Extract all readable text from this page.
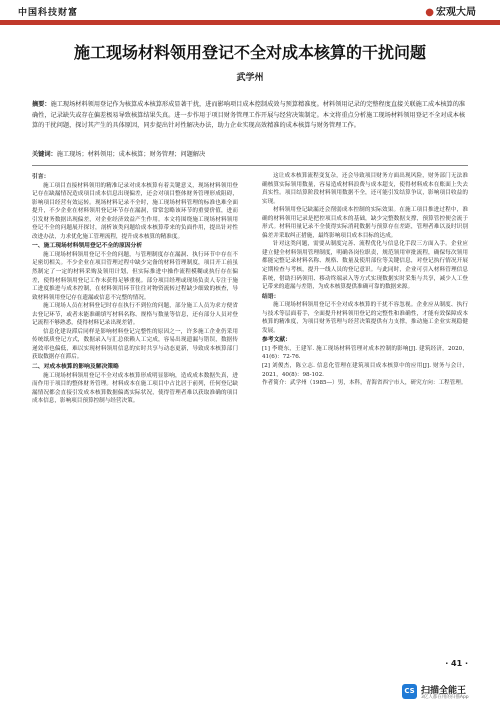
中国科技财富	● 宏观大局
施工现场材料领用登记不全对成本核算的干扰问题
武学州
摘要：施工现场材料领用登记作为核算成本核算形成显著干扰，进而影响项目成本控制成效与预算精准度。材料领用记录的完整程度直接关联施工成本核算的准确性，记录缺失或存在偏差极易导致核算结果失真。进一步作用于项目财务管理工作开展与经营决策制定。本文将重点分析施工现场材料领用登记不全对成本核算的干扰问题，探讨其产生的具体原因，同步提出针对性解决办法，助力企业实现高效精准的成本核算与财务管理工作。
关键词：施工现场；材料领用；成本核算；财务管理；问题解决
引言：

施工项目直接材料领用的精准记录对成本核算有着关键意义，现场材料领用登记存在缺漏情况造成项目成本信息出现偏差，还会对项目整体财务管理形成阻碍，影响项目经营有效运转。现场材料记录不全时，施工现场材料管理的标准也难全面提升，不少企业在材料领用登记环节存在漏洞，常常忽略该环节的重要价值，进而引发财务数据出现偏差，对企业经济效益产生作用。本文将围绕施工现场材料领用登记不全的问题展开探讨，剖析该类问题给成本核算带来的负面作用，提出针对性改进办法，力求优化施工管理流程，提升成本核算的精准度。

一、施工现场材料领用登记不全的原因分析

施工现场材料领用登记不全的问题，与管理制度存在漏洞、执行环节中存在不足密切相关。不少企业在项目管理过程中缺少完备的材料管理制度，项目开工前虽然制定了一定的材料采购及领用计划，但实际推进中操作流程模糊或执行存在偏差，使得材料领用登记工作未获得足够重视。部分项目经理或现场负责人专注于施工进度推进与成本控制，在材料领用环节往往对物资流转过程缺少细致的核查，导致材料领用登记存在遗漏或信息不完整的情况。

施工现场人员在材料登记时存在执行不到位的问题，部分施工人员为求方便省去登记环节，或者未能准确填写材料名称、规格与数量等信息，还有部分人员对登记流程不够熟悉，使得材料记录出现差错。

信息化建设滞后同样是影响材料登记完整性的原因之一，许多施工企业仍采用传统纸质登记方式，数据录入与汇总依赖人工完成，容易出现遗漏与错误，数据传递效率也偏低，难以实现材料领用信息的实时共享与动态更新，导致成本核算部门获取数据存在滞后。

二、对成本核算的影响及解决策略

施工现场材料领用登记不全对成本核算形成明显影响，造成成本数据失真，进而作用于项目的整体财务管理。材料成本在施工项目中占比居于前列，任何登记缺漏情况都会直接引发成本核算数据偏离实际状况，使得管理者难以获取准确的项目成本信息，影响项目预算控制与经营决策。

这让成本核算流程变复杂，还会导致项目财务方面出现风险，财务部门无法准确核算实际领用数量，容易造成材料浪费与成本超支，使得材料成本在账面上失去真实性。项目结算阶段材料领用数据不全，还可能引发结算争议，影响项目收益的实现。

材料领用登记缺漏还会削弱成本控制的实际效果。在施工项目推进过程中，准确的材料领用记录是把控项目成本的基础，缺少完整数据支撑，预算管控便会流于形式。材料用量记录不全使得实际消耗数据与预算存在差距，管理者难以及时识别偏差并采取纠正措施，最终影响项目成本目标的达成。

针对这类问题，需要从制度完善、流程优化与信息化手段三方面入手。企业应建立健全材料领用管理制度，明确各岗位职责，规范领用审批流程，确保每次领用都能完整记录材料名称、规格、数量及使用部位等关键信息，对登记执行情况开展定期检查与考核，提升一线人员的登记意识。与此同时，企业可引入材料管理信息系统，借助扫码领用、移动终端录入等方式实现数据实时采集与共享，减少人工登记带来的遗漏与差错，为成本核算提供准确可靠的数据来源。

结语：

施工现场材料领用登记不全对成本核算的干扰不容忽视。企业应从制度、执行与技术等层面着手，全面提升材料领用登记的完整性和准确性，才能有效保障成本核算的精准度，为项目财务管理与经营决策提供有力支撑，推动施工企业实现稳健发展。

参考文献：

[1] 李晓东，王建军. 施工现场材料管理对成本控制的影响[J]. 建筑经济，2020，41(6)：72-76.

[2] 刘俊杰，陈立志. 信息化管理在建筑项目成本核算中的应用[J]. 财务与会计，2021，40(8)：98-102.

作者简介：武学州（1985—）男，本科，青海省西宁市人，研究方向：工程管理。

· 41 ·
CS 扫描全能王
3亿人都在用的扫描App
